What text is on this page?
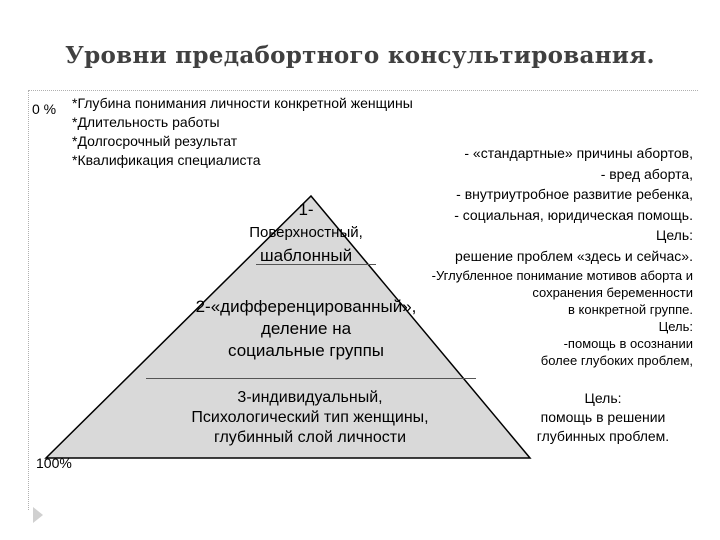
Уровни предабортного консультирования.
0 %
100%
*Глубина понимания личности конкретной женщины
*Длительность работы
*Долгосрочный результат
*Квалификация специалиста	- «стандартные» причины абортов,
- вред аборта,
- внутриутробное развитие ребенка,
- социальная, юридическая помощь.
Цель:
решение проблем «здесь и сейчас».
1-
Поверхностный,
шаблонный
2-«дифференцированный»,
деление на
социальные группы
3-индивидуальный,
Психологический тип женщины,
глубинный слой личности
-Углубленное понимание мотивов аборта и
сохранения беременности
в конкретной группе.
Цель:
-помощь в осознании
более глубоких проблем,
Цель:
помощь в решении
глубинных проблем.
